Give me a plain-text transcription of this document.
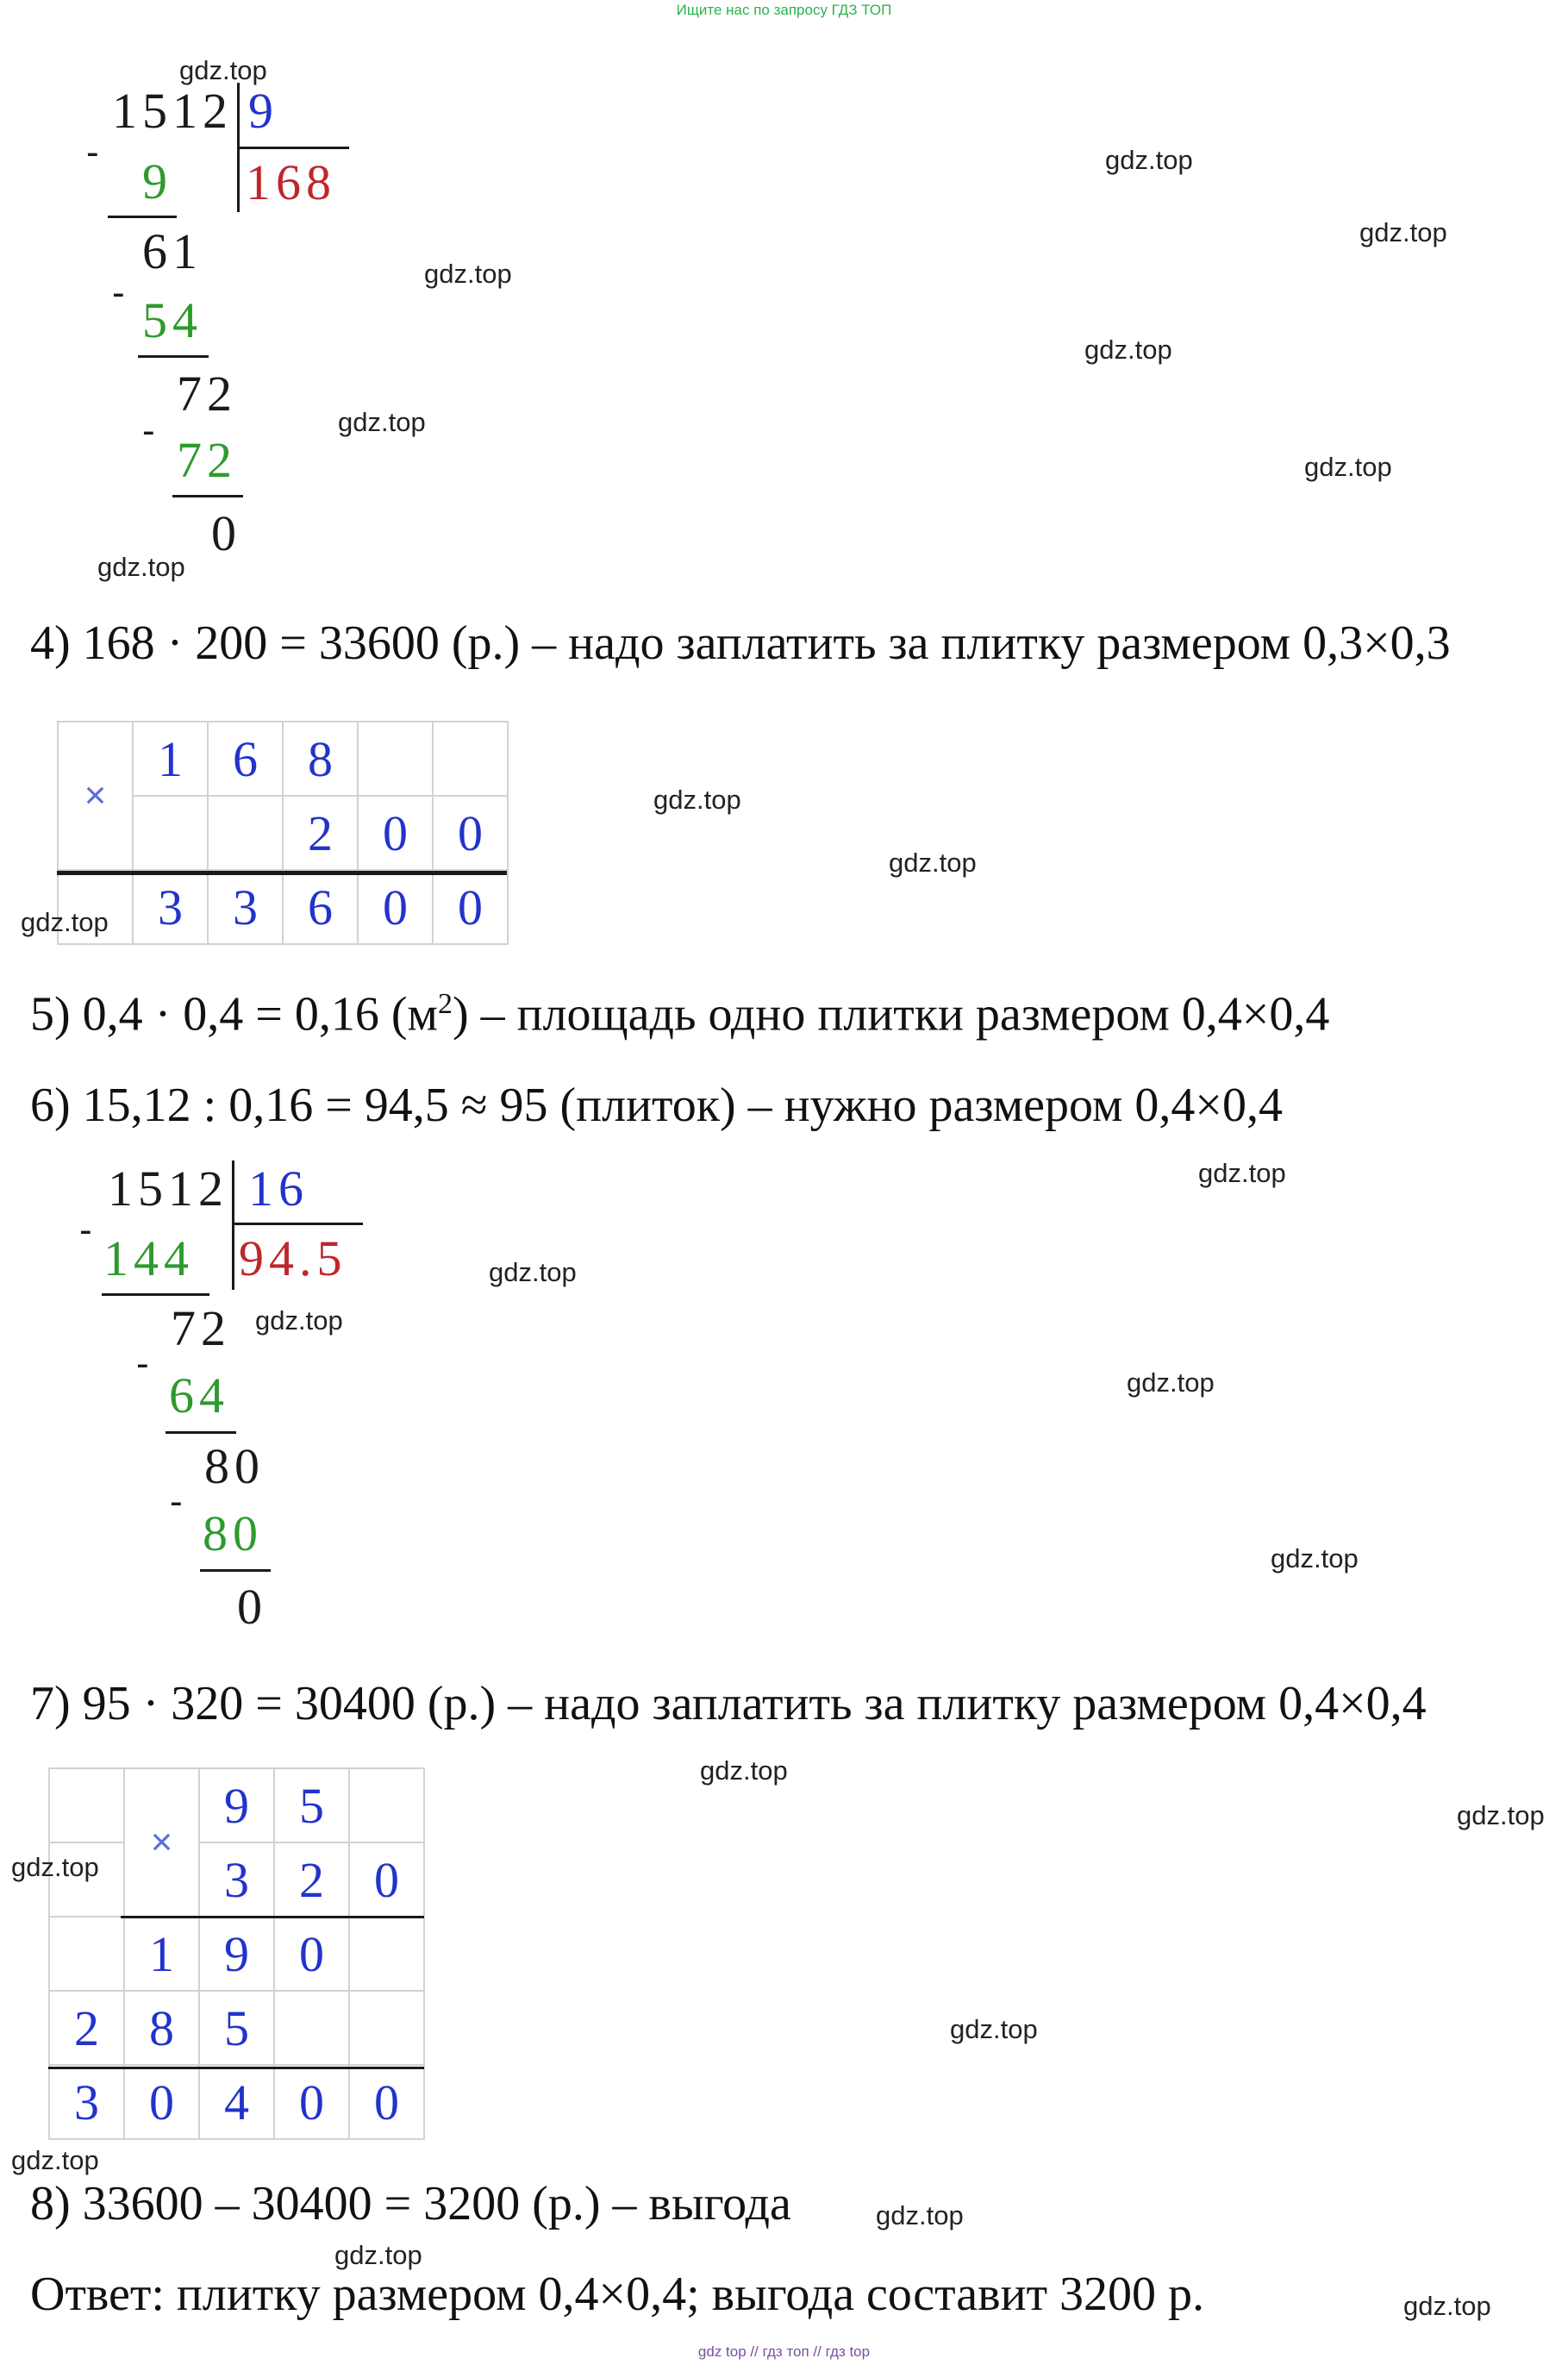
Ищите нас по запросу ГДЗ ТОП
1512 9
168
-
9
61
- 54
72
-
72
0
4) 168 · 200 = 33600 (р.) – надо заплатить за плитку размером 0,3×0,3
×	1	6	8		
			2	0	0
	3	3	6	0	0
5) 0,4 · 0,4 = 0,16 $(м^2)$ – площадь одно плитки размером 0,4×0,4
6) 15,12 : 0,16 = 94,5 ≈ 95 (плиток) – нужно размером 0,4×0,4
1512 16
94.5
-
144
72
-
64
80
-
80
0
7) 95 · 320 = 30400 (р.) – надо заплатить за плитку размером 0,4×0,4
	×	9	5	
		3	2	0
	1	9	0	
2	8	5		
3	0	4	0	0
8) 33600 – 30400 = 3200 (р.) – выгода
Ответ: плитку размером 0,4×0,4; выгода составит 3200 р.
gdz.top
gdz.top
gdz.top
gdz.top
gdz.top
gdz.top
gdz.top
gdz.top
gdz.top
gdz.top
gdz.top
gdz.top
gdz.top
gdz.top
gdz.top
gdz.top
gdz.top
gdz.top
gdz.top
gdz.top
gdz.top
gdz.top
gdz.top
gdz.top
gdz top // гдз топ // гдз top
